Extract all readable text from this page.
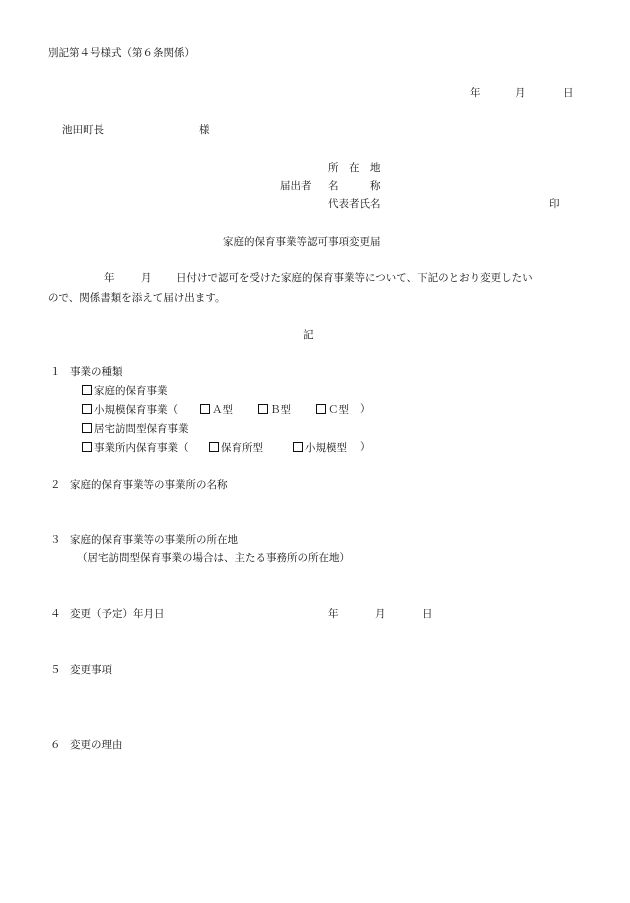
別記第４号様式（第６条関係）
年	月	日
池田町長	様
所　在　地
届出者 名　　　称
代表者氏名	印
家庭的保育事業等認可事項変更届
年	月 日付けで認可を受けた家庭的保育事業等について、下記のとおり変更したい
ので、関係書類を添えて届け出ます。
記
１ 事業の種類
家庭的保育事業
小規模保育事業（	Ａ型	Ｂ型	Ｃ型 ）
居宅訪問型保育事業
事業所内保育事業（	保育所型	小規模型 ）
２ 家庭的保育事業等の事業所の名称
３ 家庭的保育事業等の事業所の所在地
（居宅訪問型保育事業の場合は、主たる事務所の所在地）
４ 変更（予定）年月日	年	月	日
５ 変更事項
６ 変更の理由
